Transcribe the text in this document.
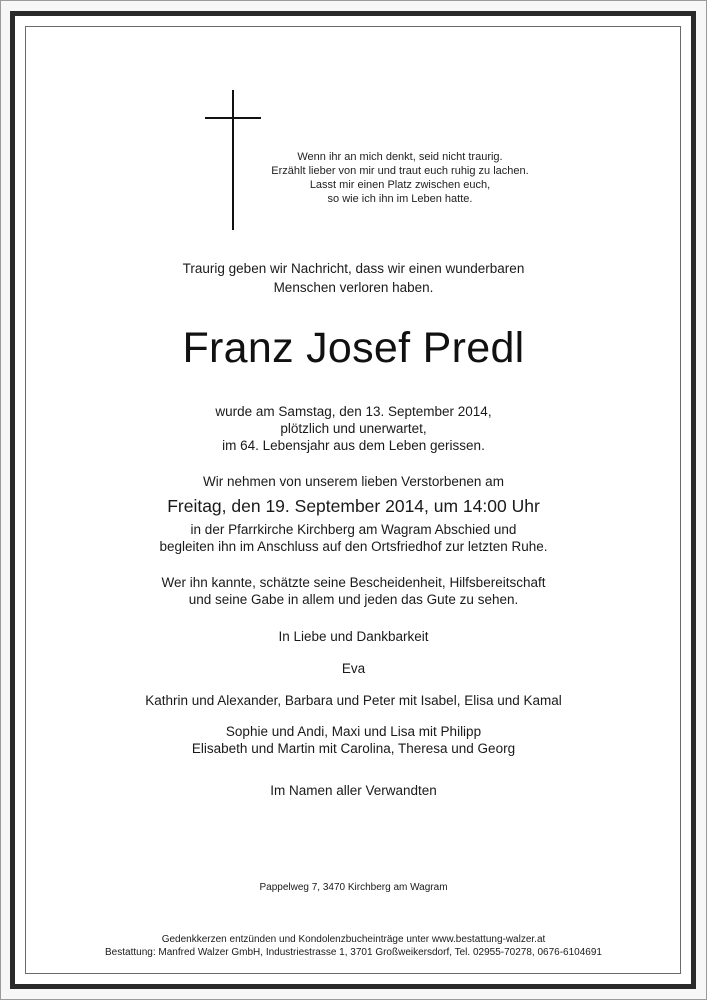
Wenn ihr an mich denkt, seid nicht traurig.
Erzählt lieber von mir und traut euch ruhig zu lachen.
Lasst mir einen Platz zwischen euch,
so wie ich ihn im Leben hatte.
Traurig geben wir Nachricht, dass wir einen wunderbaren
Menschen verloren haben.
Franz Josef Predl
wurde am Samstag, den 13. September 2014,
plötzlich und unerwartet,
im 64. Lebensjahr aus dem Leben gerissen.
Wir nehmen von unserem lieben Verstorbenen am
Freitag, den 19. September 2014, um 14:00 Uhr
in der Pfarrkirche Kirchberg am Wagram Abschied und
begleiten ihn im Anschluss auf den Ortsfriedhof zur letzten Ruhe.
Wer ihn kannte, schätzte seine Bescheidenheit, Hilfsbereitschaft
und seine Gabe in allem und jeden das Gute zu sehen.
In Liebe und Dankbarkeit
Eva
Kathrin und Alexander, Barbara und Peter mit Isabel, Elisa und Kamal
Sophie und Andi, Maxi und Lisa mit Philipp
Elisabeth und Martin mit Carolina, Theresa und Georg
Im Namen aller Verwandten
Pappelweg 7, 3470 Kirchberg am Wagram
Gedenkkerzen entzünden und Kondolenzbucheinträge unter www.bestattung-walzer.at
Bestattung: Manfred Walzer GmbH, Industriestrasse 1, 3701 Großweikersdorf, Tel. 02955-70278, 0676-6104691
